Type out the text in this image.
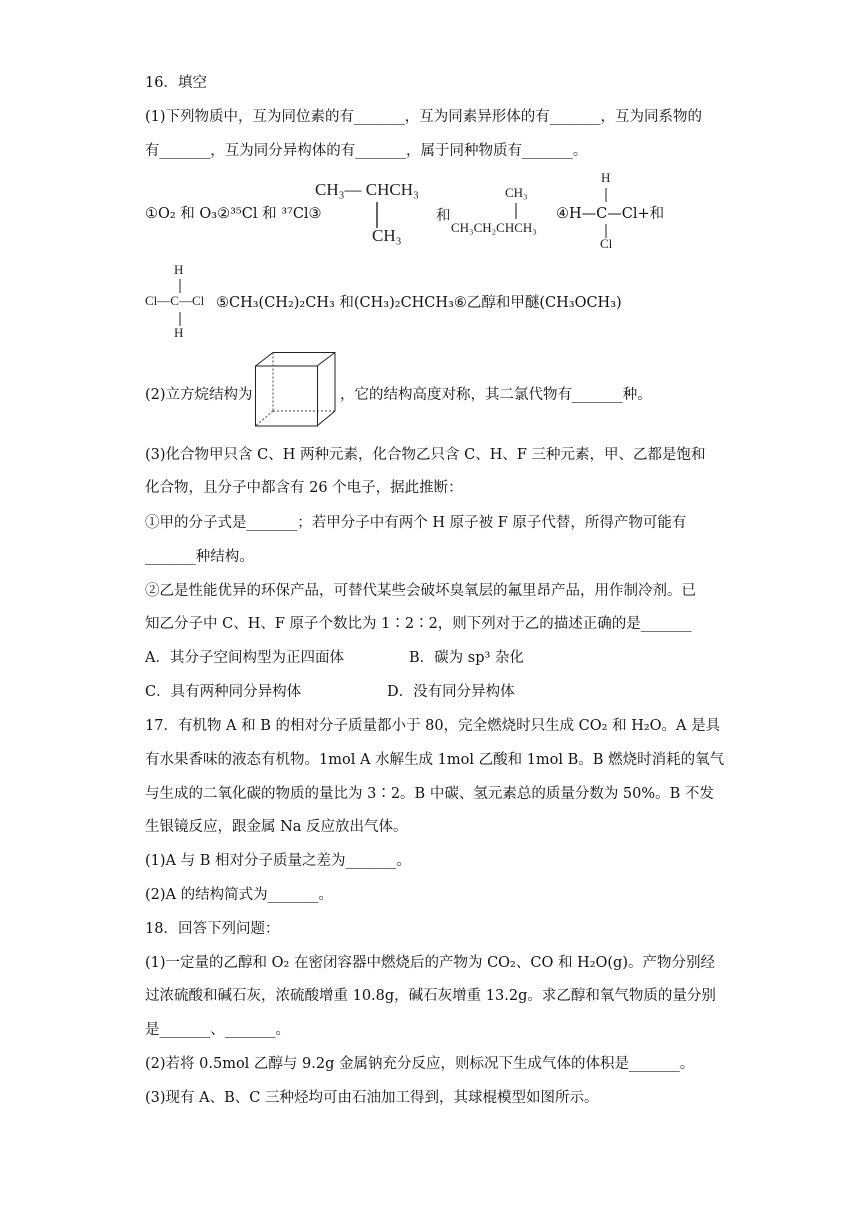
16．填空
(1)下列物质中，互为同位素的有_______，互为同素异形体的有_______，互为同系物的
有_______，互为同分异构体的有_______，属于同种物质有_______。
①O₂ 和 O₃②³⁵Cl 和 ³⁷Cl③
CH₃— CHCH₃
CH₃
和
CH₃
CH₃CH₂CHCH₃
H
④H—C—Cl+和
Cl
H
Cl—C—Cl ⑤CH₃(CH₂)₂CH₃ 和(CH₃)₂CHCH₃⑥乙醇和甲醚(CH₃OCH₃)
H
(2)立方烷结构为	，它的结构高度对称，其二氯代物有_______种。
(3)化合物甲只含 C、H 两种元素，化合物乙只含 C、H、F 三种元素，甲、乙都是饱和
化合物，且分子中都含有 26 个电子，据此推断：
①甲的分子式是_______；若甲分子中有两个 H 原子被 F 原子代替，所得产物可能有
_______种结构。
②乙是性能优异的环保产品，可替代某些会破坏臭氧层的氟里昂产品，用作制冷剂。已
知乙分子中 C、H、F 原子个数比为 1∶2∶2，则下列对于乙的描述正确的是_______
A．其分子空间构型为正四面体	B．碳为 sp³ 杂化
C．具有两种同分异构体	D．没有同分异构体
17．有机物 A 和 B 的相对分子质量都小于 80，完全燃烧时只生成 CO₂ 和 H₂O。A 是具
有水果香味的液态有机物。1mol A 水解生成 1mol 乙酸和 1mol B。B 燃烧时消耗的氧气
与生成的二氧化碳的物质的量比为 3∶2。B 中碳、氢元素总的质量分数为 50%。B 不发
生银镜反应，跟金属 Na 反应放出气体。
(1)A 与 B 相对分子质量之差为_______。
(2)A 的结构简式为_______。
18．回答下列问题：
(1)一定量的乙醇和 O₂ 在密闭容器中燃烧后的产物为 CO₂、CO 和 H₂O(g)。产物分别经
过浓硫酸和碱石灰，浓硫酸增重 10.8g，碱石灰增重 13.2g。求乙醇和氧气物质的量分别
是_______、_______。
(2)若将 0.5mol 乙醇与 9.2g 金属钠充分反应，则标况下生成气体的体积是_______。
(3)现有 A、B、C 三种烃均可由石油加工得到，其球棍模型如图所示。
